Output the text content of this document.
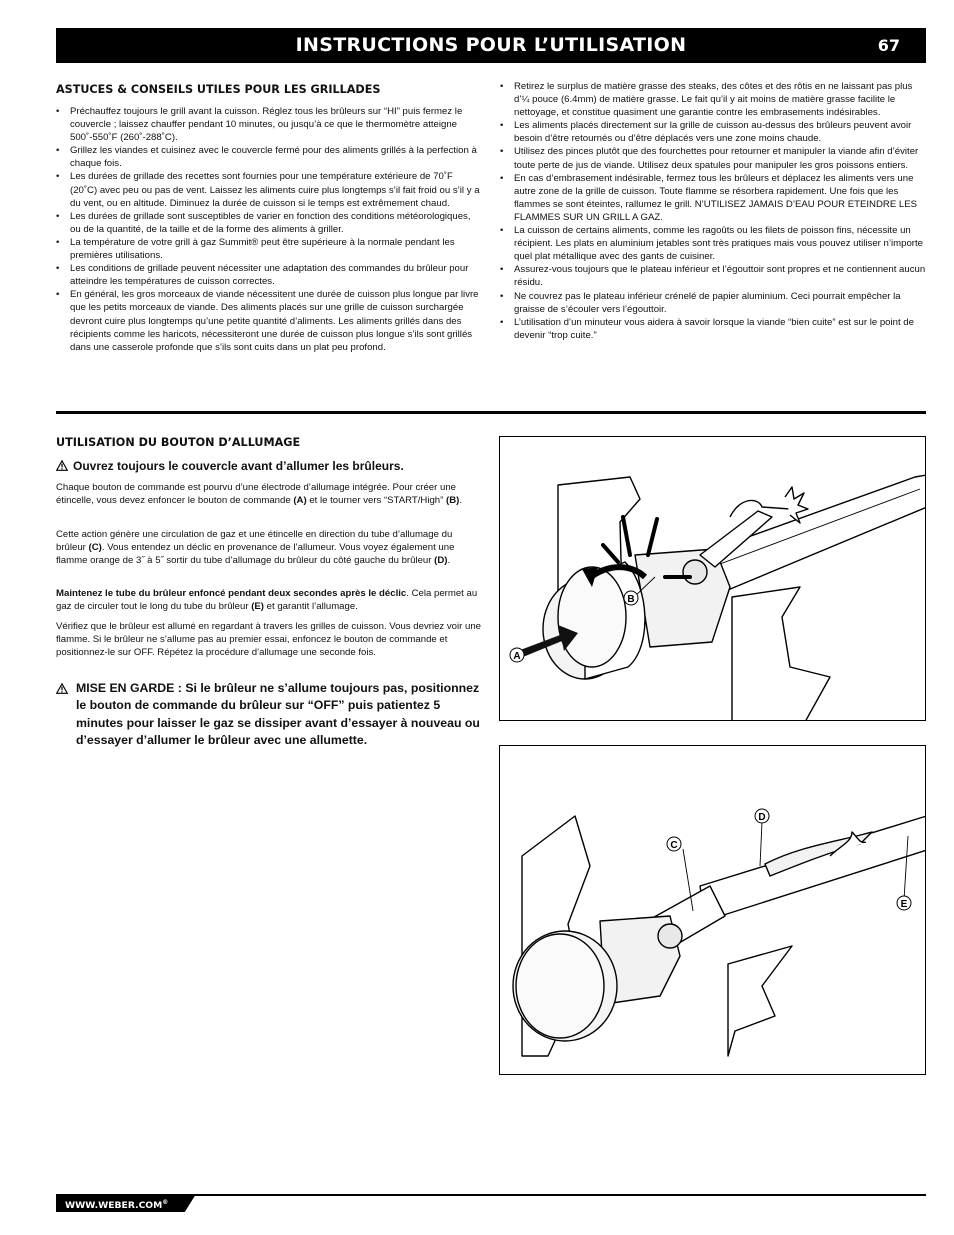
INSTRUCTIONS POUR L’UTILISATION	67
ASTUCES & CONSEILS UTILES POUR LES GRILLADES
• Préchauffez toujours le grill avant la cuisson. Réglez tous les brûleurs sur “HI” puis fermez le couvercle ; laissez chauffer pendant 10 minutes, ou jusqu’à ce que le thermomètre atteigne 500˚-550˚F (260˚-288˚C).
• Grillez les viandes et cuisinez avec le couvercle fermé pour des aliments grillés à la perfection à chaque fois.
• Les durées de grillade des recettes sont fournies pour une température extérieure de 70˚F (20˚C) avec peu ou pas de vent. Laissez les aliments cuire plus longtemps s’il fait froid ou s’il y a du vent, ou en altitude. Diminuez la durée de cuisson si le temps est extrêmement chaud.
• Les durées de grillade sont susceptibles de varier en fonction des conditions météorologiques, ou de la quantité, de la taille et de la forme des aliments à griller.
• La température de votre grill à gaz Summit® peut être supérieure à la normale pendant les premières utilisations.
• Les conditions de grillade peuvent nécessiter une adaptation des commandes du brûleur pour atteindre les températures de cuisson correctes.
• En général, les gros morceaux de viande nécessitent une durée de cuisson plus longue par livre que les petits morceaux de viande. Des aliments placés sur une grille de cuisson surchargée devront cuire plus longtemps qu’une petite quantité d’aliments. Les aliments grillés dans des récipients comme les haricots, nécessiteront une durée de cuisson plus longue s’ils sont grillés dans une casserole profonde que s’ils sont cuits dans un plat peu profond.
• Retirez le surplus de matière grasse des steaks, des côtes et des rôtis en ne laissant pas plus d’¼ pouce (6.4mm) de matière grasse. Le fait qu’il y ait moins de matière grasse facilite le nettoyage, et constitue quasiment une garantie contre les embrasements indésirables.
• Les aliments placés directement sur la grille de cuisson au-dessus des brûleurs peuvent avoir besoin d’être retournés ou d’être déplacés vers une zone moins chaude.
• Utilisez des pinces plutôt que des fourchettes pour retourner et manipuler la viande afin d’éviter toute perte de jus de viande. Utilisez deux spatules pour manipuler les gros poissons entiers.
• En cas d’embrasement indésirable, fermez tous les brûleurs et déplacez les aliments vers une autre zone de la grille de cuisson. Toute flamme se résorbera rapidement. Une fois que les flammes se sont éteintes, rallumez le grill. N’UTILISEZ JAMAIS D’EAU POUR ETEINDRE LES FLAMMES SUR UN GRILL A GAZ.
• La cuisson de certains aliments, comme les ragoûts ou les filets de poisson fins, nécessite un récipient. Les plats en aluminium jetables sont très pratiques mais vous pouvez utiliser n’importe quel plat métallique avec des gants de cuisiner.
• Assurez-vous toujours que le plateau inférieur et l’égouttoir sont propres et ne contiennent aucun résidu.
• Ne couvrez pas le plateau inférieur crénelé de papier aluminium. Ceci pourrait empêcher la graisse de s’écouler vers l’égouttoir.
• L’utilisation d’un minuteur vous aidera à savoir lorsque la viande “bien cuite” est sur le point de devenir “trop cuite.”
UTILISATION DU BOUTON D’ALLUMAGE
Ouvrez toujours le couvercle avant d’allumer les brûleurs.

Chaque bouton de commande est pourvu d’une électrode d’allumage intégrée. Pour créer une étincelle, vous devez enfoncer le bouton de commande (A) et le tourner vers “START/High” (B).

Cette action génère une circulation de gaz et une étincelle en direction du tube d’allumage du brûleur (C). Vous entendez un déclic en provenance de l’allumeur. Vous voyez également une flamme orange de 3˝ à 5˝ sortir du tube d’allumage du brûleur du côté gauche du brûleur (D).

Maintenez le tube du brûleur enfoncé pendant deux secondes après le déclic. Cela permet au gaz de circuler tout le long du tube du brûleur (E) et garantit l’allumage.

Vérifiez que le brûleur est allumé en regardant à travers les grilles de cuisson. Vous devriez voir une flamme. Si le brûleur ne s’allume pas au premier essai, enfoncez le bouton de commande et positionnez-le sur OFF. Répétez la procédure d’allumage une seconde fois.

MISE EN GARDE : Si le brûleur ne s’allume toujours pas, positionnez le bouton de commande du brûleur sur “OFF” puis patientez 5 minutes pour laisser le gaz se dissiper avant d’essayer à nouveau ou d’essayer d’allumer le brûleur avec une allumette.
B
A
C
D
E
WWW.WEBER.COM®
